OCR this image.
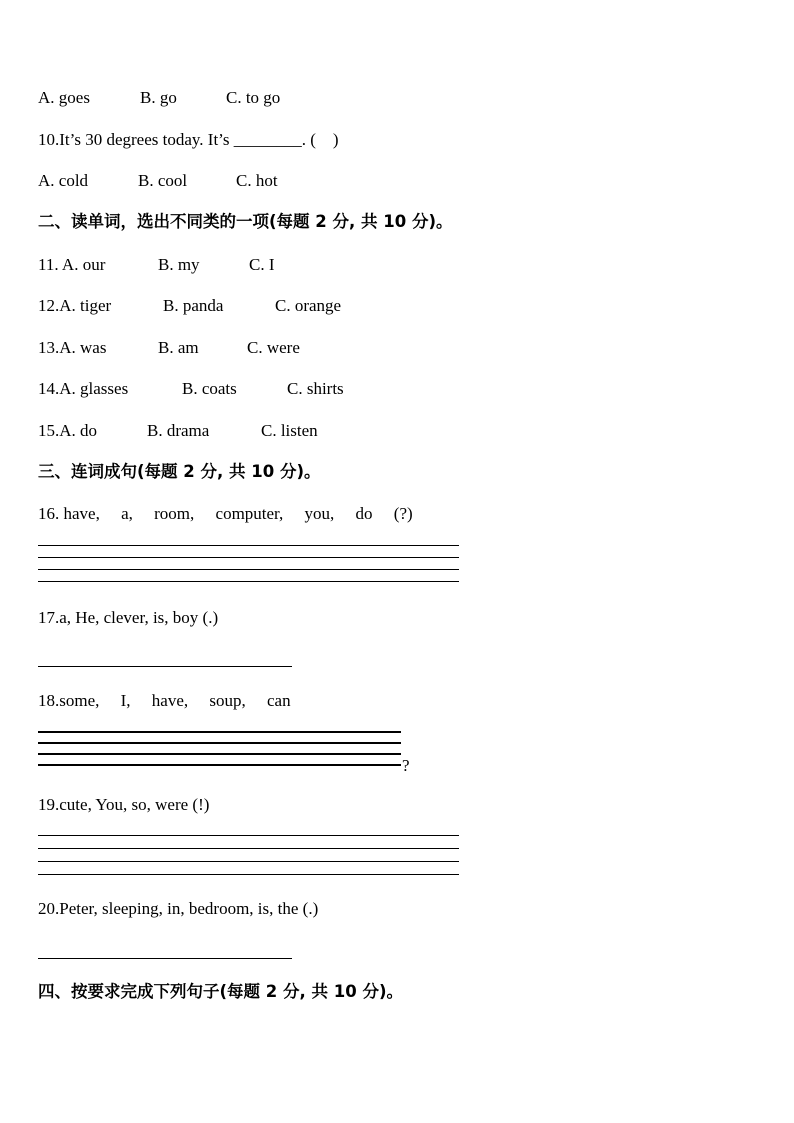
A. goes	B. go	C. to go
10.It’s 30 degrees today. It’s ________. (    )
A. cold	B. cool	C. hot
二、读单词，选出不同类的一项(每题 2 分, 共 10 分)。
11. A. our	B. my	C. I
12.A. tiger	B. panda	C. orange
13.A. was	B. am	C. were
14.A. glasses	B. coats	C. shirts
15.A. do	B. drama	C. listen
三、连词成句(每题 2 分, 共 10 分)。
16. have,     a,     room,     computer,     you,     do     (?)
17.a, He, clever, is, boy (.)
18.some,     I,     have,     soup,     can
?
19.cute, You, so, were (!)
20.Peter, sleeping, in, bedroom, is, the (.)
四、按要求完成下列句子(每题 2 分, 共 10 分)。
